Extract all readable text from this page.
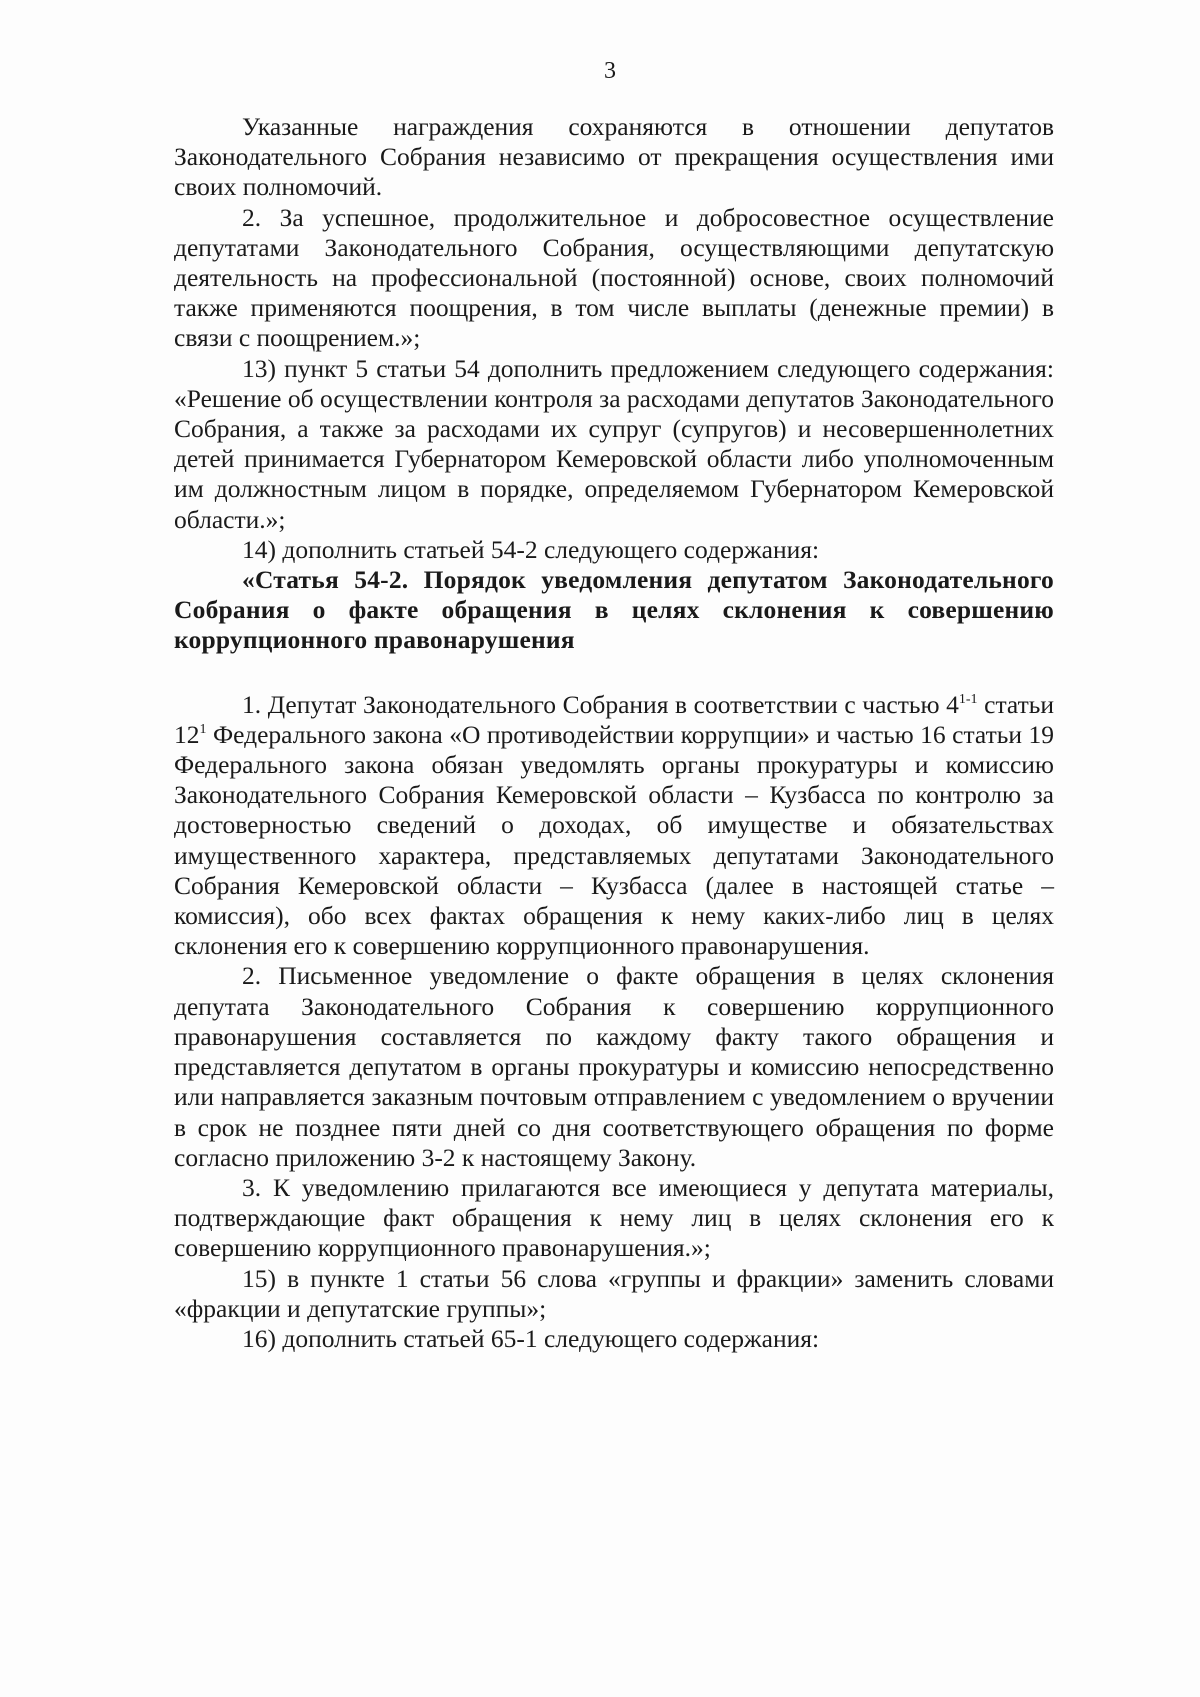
3

Указанные награждения сохраняются в отношении депутатов Законодательного Собрания независимо от прекращения осуществления ими своих полномочий.

2. За успешное, продолжительное и добросовестное осуществление депутатами Законодательного Собрания, осуществляющими депутатскую деятельность на профессиональной (постоянной) основе, своих полномочий также применяются поощрения, в том числе выплаты (денежные премии) в связи с поощрением.»;

13) пункт 5 статьи 54 дополнить предложением следующего содержания: «Решение об осуществлении контроля за расходами депутатов Законодательного Собрания, а также за расходами их супруг (супругов) и несовершеннолетних детей принимается Губернатором Кемеровской области либо уполномоченным им должностным лицом в порядке, определяемом Губернатором Кемеровской области.»;

14) дополнить статьей 54-2 следующего содержания:

«Статья 54-2. Порядок уведомления депутатом Законодательного Собрания о факте обращения в целях склонения к совершению коррупционного правонарушения

1. Депутат Законодательного Собрания в соответствии с частью 4$^{1-1}$ статьи $12^1$ Федерального закона «О противодействии коррупции» и частью 16 статьи 19 Федерального закона обязан уведомлять органы прокуратуры и комиссию Законодательного Собрания Кемеровской области – Кузбасса по контролю за достоверностью сведений о доходах, об имуществе и обязательствах имущественного характера, представляемых депутатами Законодательного Собрания Кемеровской области – Кузбасса (далее в настоящей статье – комиссия), обо всех фактах обращения к нему каких-либо лиц в целях склонения его к совершению коррупционного правонарушения.

2. Письменное уведомление о факте обращения в целях склонения депутата Законодательного Собрания к совершению коррупционного правонарушения составляется по каждому факту такого обращения и представляется депутатом в органы прокуратуры и комиссию непосредственно или направляется заказным почтовым отправлением с уведомлением о вручении в срок не позднее пяти дней со дня соответствующего обращения по форме согласно приложению 3-2 к настоящему Закону.

3. К уведомлению прилагаются все имеющиеся у депутата материалы, подтверждающие факт обращения к нему лиц в целях склонения его к совершению коррупционного правонарушения.»;

15) в пункте 1 статьи 56 слова «группы и фракции» заменить словами «фракции и депутатские группы»;

16) дополнить статьей 65-1 следующего содержания:
